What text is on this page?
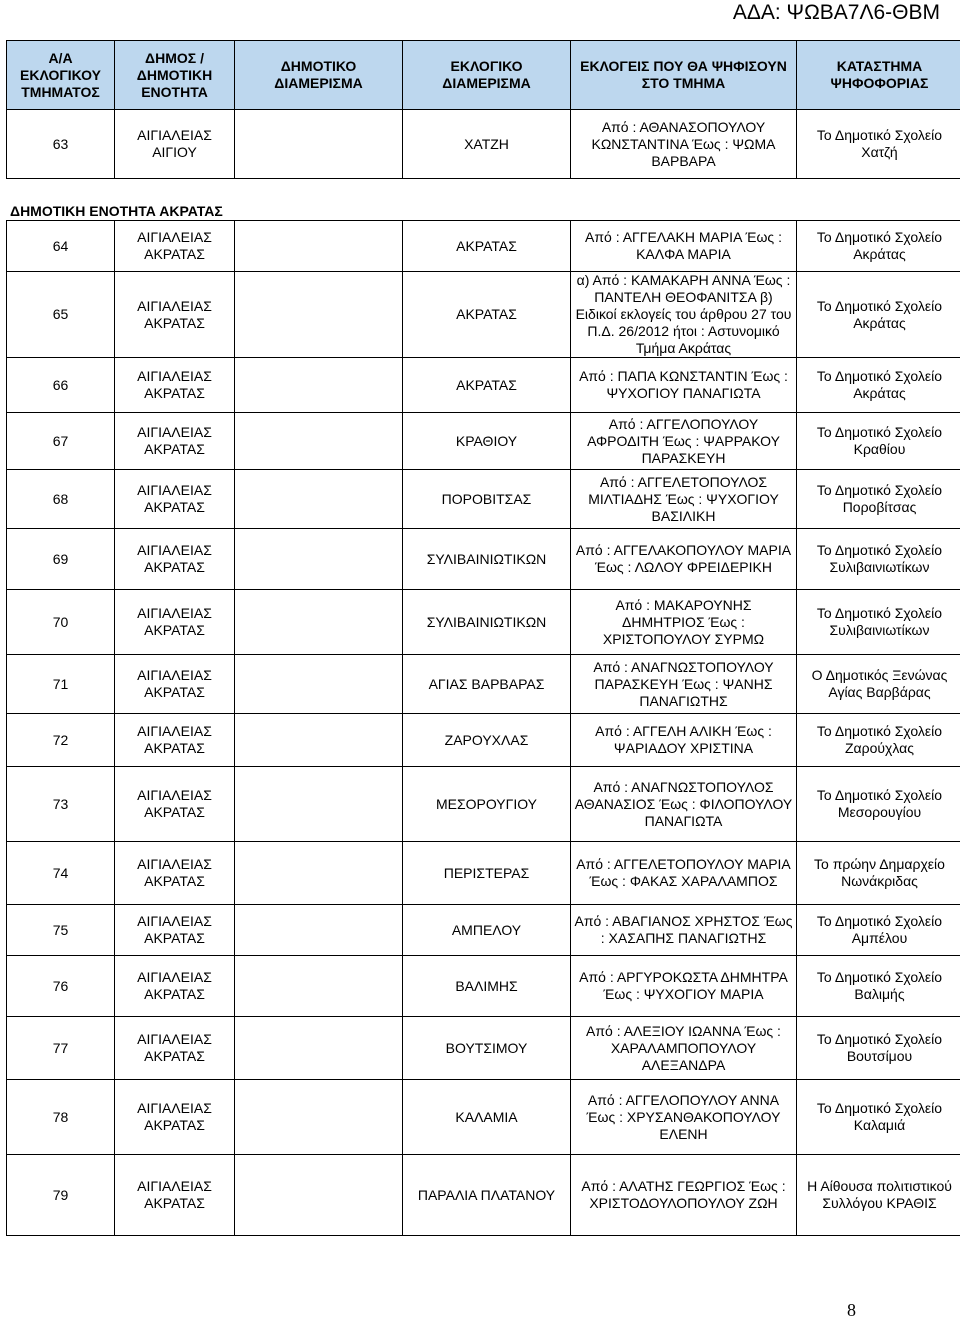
ΑΔΑ: ΨΩΒΑ7Λ6-ΘΒΜ
Α/Α ΕΚΛΟΓΙΚΟΥ ΤΜΗΜΑΤΟΣ	ΔΗΜΟΣ / ΔΗΜΟΤΙΚΗ ΕΝΟΤΗΤΑ	ΔΗΜΟΤΙΚΟ ΔΙΑΜΕΡΙΣΜΑ	ΕΚΛΟΓΙΚΟ ΔΙΑΜΕΡΙΣΜΑ	ΕΚΛΟΓΕΙΣ ΠΟΥ ΘΑ ΨΗΦΙΣΟΥΝ ΣΤΟ ΤΜΗΜΑ	ΚΑΤΑΣΤΗΜΑ ΨΗΦΟΦΟΡΙΑΣ
63	ΑΙΓΙΑΛΕΙΑΣ ΑΙΓΙΟΥ		ΧΑΤΖΗ	Από : ΑΘΑΝΑΣΟΠΟΥΛΟΥ ΚΩΝΣΤΑΝΤΙΝΑ Έως : ΨΩΜΑ ΒΑΡΒΑΡΑ	Το Δημοτικό Σχολείο Χατζή
ΔΗΜΟΤΙΚΗ ΕΝΟΤΗΤΑ ΑΚΡΑΤΑΣ
64	ΑΙΓΙΑΛΕΙΑΣ ΑΚΡΑΤΑΣ		ΑΚΡΑΤΑΣ	Από : ΑΓΓΕΛΑΚΗ ΜΑΡΙΑ Έως : ΚΑΛΦΑ ΜΑΡΙΑ	Το Δημοτικό Σχολείο Ακράτας
65	ΑΙΓΙΑΛΕΙΑΣ ΑΚΡΑΤΑΣ		ΑΚΡΑΤΑΣ	α) Από : ΚΑΜΑΚΑΡΗ ΑΝΝΑ Έως : ΠΑΝΤΕΛΗ ΘΕΟΦΑΝΙΤΣΑ β) Ειδικοί εκλογείς του άρθρου 27 του Π.Δ. 26/2012 ήτοι : Αστυνομικό Τμήμα Ακράτας	Το Δημοτικό Σχολείο Ακράτας
66	ΑΙΓΙΑΛΕΙΑΣ ΑΚΡΑΤΑΣ		ΑΚΡΑΤΑΣ	Από : ΠΑΠΑ ΚΩΝΣΤΑΝΤΙΝ Έως : ΨΥΧΟΓΙΟΥ ΠΑΝΑΓΙΩΤΑ	Το Δημοτικό Σχολείο Ακράτας
67	ΑΙΓΙΑΛΕΙΑΣ ΑΚΡΑΤΑΣ		ΚΡΑΘΙΟΥ	Από : ΑΓΓΕΛΟΠΟΥΛΟΥ ΑΦΡΟΔΙΤΗ Έως : ΨΑΡΡΑΚΟΥ ΠΑΡΑΣΚΕΥΗ	Το Δημοτικό Σχολείο Κραθίου
68	ΑΙΓΙΑΛΕΙΑΣ ΑΚΡΑΤΑΣ		ΠΟΡΟΒΙΤΣΑΣ	Από : ΑΓΓΕΛΕΤΟΠΟΥΛΟΣ ΜΙΛΤΙΑΔΗΣ Έως : ΨΥΧΟΓΙΟΥ ΒΑΣΙΛΙΚΗ	Το Δημοτικό Σχολείο Ποροβίτσας
69	ΑΙΓΙΑΛΕΙΑΣ ΑΚΡΑΤΑΣ		ΣΥΛΙΒΑΙΝΙΩΤΙΚΩΝ	Από : ΑΓΓΕΛΑΚΟΠΟΥΛΟΥ ΜΑΡΙΑ Έως : ΛΩΛΟΥ ΦΡΕΙΔΕΡΙΚΗ	Το Δημοτικό Σχολείο Συλιβαινιωτίκων
70	ΑΙΓΙΑΛΕΙΑΣ ΑΚΡΑΤΑΣ		ΣΥΛΙΒΑΙΝΙΩΤΙΚΩΝ	Από : ΜΑΚΑΡΟΥΝΗΣ ΔΗΜΗΤΡΙΟΣ Έως : ΧΡΙΣΤΟΠΟΥΛΟΥ ΣΥΡΜΩ	Το Δημοτικό Σχολείο Συλιβαινιωτίκων
71	ΑΙΓΙΑΛΕΙΑΣ ΑΚΡΑΤΑΣ		ΑΓΙΑΣ ΒΑΡΒΑΡΑΣ	Από : ΑΝΑΓΝΩΣΤΟΠΟΥΛΟΥ ΠΑΡΑΣΚΕΥΗ Έως : ΨΑΝΗΣ ΠΑΝΑΓΙΩΤΗΣ	Ο Δημοτικός Ξενώνας Αγίας Βαρβάρας
72	ΑΙΓΙΑΛΕΙΑΣ ΑΚΡΑΤΑΣ		ΖΑΡΟΥΧΛΑΣ	Από : ΑΓΓΕΛΗ ΑΛΙΚΗ Έως : ΨΑΡΙΑΔΟΥ ΧΡΙΣΤΙΝΑ	Το Δημοτικό Σχολείο Ζαρούχλας
73	ΑΙΓΙΑΛΕΙΑΣ ΑΚΡΑΤΑΣ		ΜΕΣΟΡΟΥΓΙΟΥ	Από : ΑΝΑΓΝΩΣΤΟΠΟΥΛΟΣ ΑΘΑΝΑΣΙΟΣ Έως : ΦΙΛΟΠΟΥΛΟΥ ΠΑΝΑΓΙΩΤΑ	Το Δημοτικό Σχολείο Μεσορουγίου
74	ΑΙΓΙΑΛΕΙΑΣ ΑΚΡΑΤΑΣ		ΠΕΡΙΣΤΕΡΑΣ	Από : ΑΓΓΕΛΕΤΟΠΟΥΛΟΥ ΜΑΡΙΑ Έως : ΦΑΚΑΣ ΧΑΡΑΛΑΜΠΟΣ	Το πρώην Δημαρχείο Νωνάκριδας
75	ΑΙΓΙΑΛΕΙΑΣ ΑΚΡΑΤΑΣ		ΑΜΠΕΛΟΥ	Από : ΑΒΑΓΙΑΝΟΣ ΧΡΗΣΤΟΣ Έως : ΧΑΣΑΠΗΣ ΠΑΝΑΓΙΩΤΗΣ	Το Δημοτικό Σχολείο Αμπέλου
76	ΑΙΓΙΑΛΕΙΑΣ ΑΚΡΑΤΑΣ		ΒΑΛΙΜΗΣ	Από : ΑΡΓΥΡΟΚΩΣΤΑ ΔΗΜΗΤΡΑ Έως : ΨΥΧΟΓΙΟΥ ΜΑΡΙΑ	Το Δημοτικό Σχολείο Βαλιμής
77	ΑΙΓΙΑΛΕΙΑΣ ΑΚΡΑΤΑΣ		ΒΟΥΤΣΙΜΟΥ	Από : ΑΛΕΞΙΟΥ ΙΩΑΝΝΑ Έως : ΧΑΡΑΛΑΜΠΟΠΟΥΛΟΥ ΑΛΕΞΑΝΔΡΑ	Το Δημοτικό Σχολείο Βουτσίμου
78	ΑΙΓΙΑΛΕΙΑΣ ΑΚΡΑΤΑΣ		ΚΑΛΑΜΙΑ	Από : ΑΓΓΕΛΟΠΟΥΛΟΥ ΑΝΝΑ Έως : ΧΡΥΣΑΝΘΑΚΟΠΟΥΛΟΥ ΕΛΕΝΗ	Το Δημοτικό Σχολείο Καλαμιά
79	ΑΙΓΙΑΛΕΙΑΣ ΑΚΡΑΤΑΣ		ΠΑΡΑΛΙΑ ΠΛΑΤΑΝΟΥ	Από : ΑΛΑΤΗΣ ΓΕΩΡΓΙΟΣ Έως : ΧΡΙΣΤΟΔΟΥΛΟΠΟΥΛΟΥ ΖΩΗ	Η Αίθουσα πολιτιστικού Συλλόγου ΚΡΑΘΙΣ
8
